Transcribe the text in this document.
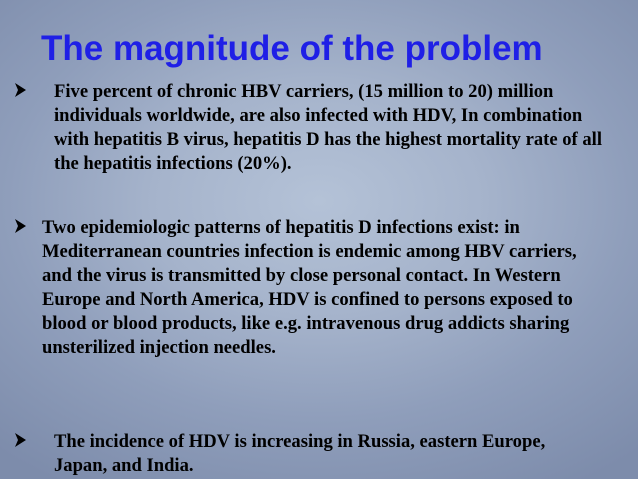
The magnitude of the problem

Five percent of chronic HBV carriers, (15 million to 20) million individuals worldwide, are also infected with HDV, In combination with hepatitis B virus, hepatitis D has the highest mortality rate of all the hepatitis infections (20%).

Two epidemiologic patterns of hepatitis D infections exist: in Mediterranean countries infection is endemic among HBV carriers, and the virus is transmitted by close personal contact. In Western Europe and North America, HDV is confined to persons exposed to blood or blood products, like e.g. intravenous drug addicts sharing unsterilized injection needles.

The incidence of HDV is increasing in Russia, eastern Europe, Japan, and India.
